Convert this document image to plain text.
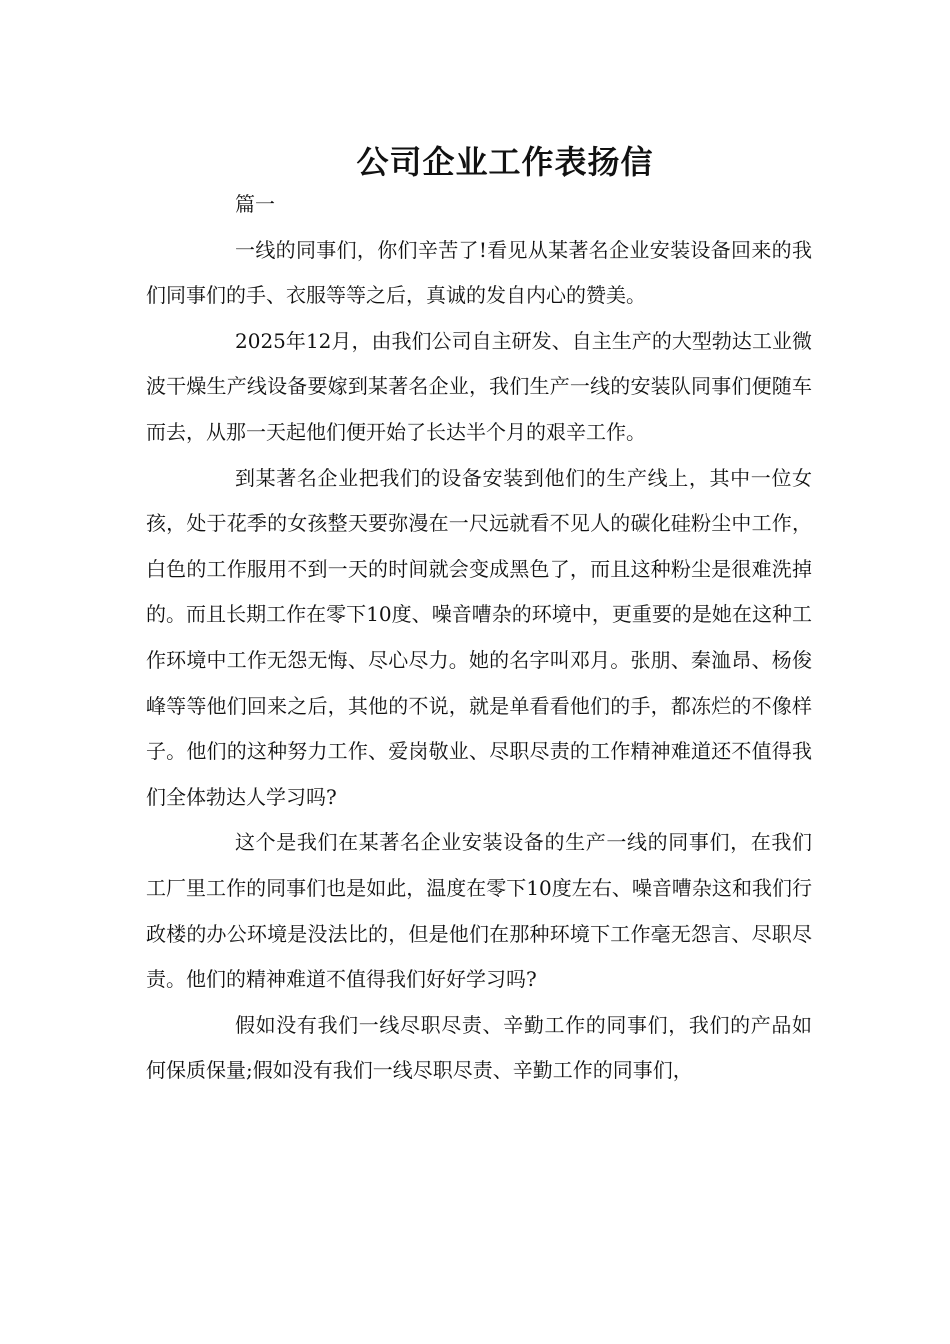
公司企业工作表扬信

篇一

一线的同事们，你们辛苦了!看见从某著名企业安装设备回来的我们同事们的手、衣服等等之后，真诚的发自内心的赞美。

2025年12月，由我们公司自主研发、自主生产的大型勃达工业微波干燥生产线设备要嫁到某著名企业，我们生产一线的安装队同事们便随车而去，从那一天起他们便开始了长达半个月的艰辛工作。

到某著名企业把我们的设备安装到他们的生产线上，其中一位女孩，处于花季的女孩整天要弥漫在一尺远就看不见人的碳化硅粉尘中工作，白色的工作服用不到一天的时间就会变成黑色了，而且这种粉尘是很难洗掉的。而且长期工作在零下10度、噪音嘈杂的环境中，更重要的是她在这种工作环境中工作无怨无悔、尽心尽力。她的名字叫邓月。张朋、秦洫昂、杨俊峰等等他们回来之后，其他的不说，就是单看看他们的手，都冻烂的不像样子。他们的这种努力工作、爱岗敬业、尽职尽责的工作精神难道还不值得我们全体勃达人学习吗?

这个是我们在某著名企业安装设备的生产一线的同事们，在我们工厂里工作的同事们也是如此，温度在零下10度左右、噪音嘈杂这和我们行政楼的办公环境是没法比的，但是他们在那种环境下工作毫无怨言、尽职尽责。他们的精神难道不值得我们好好学习吗?

假如没有我们一线尽职尽责、辛勤工作的同事们，我们的产品如何保质保量;假如没有我们一线尽职尽责、辛勤工作的同事们，
